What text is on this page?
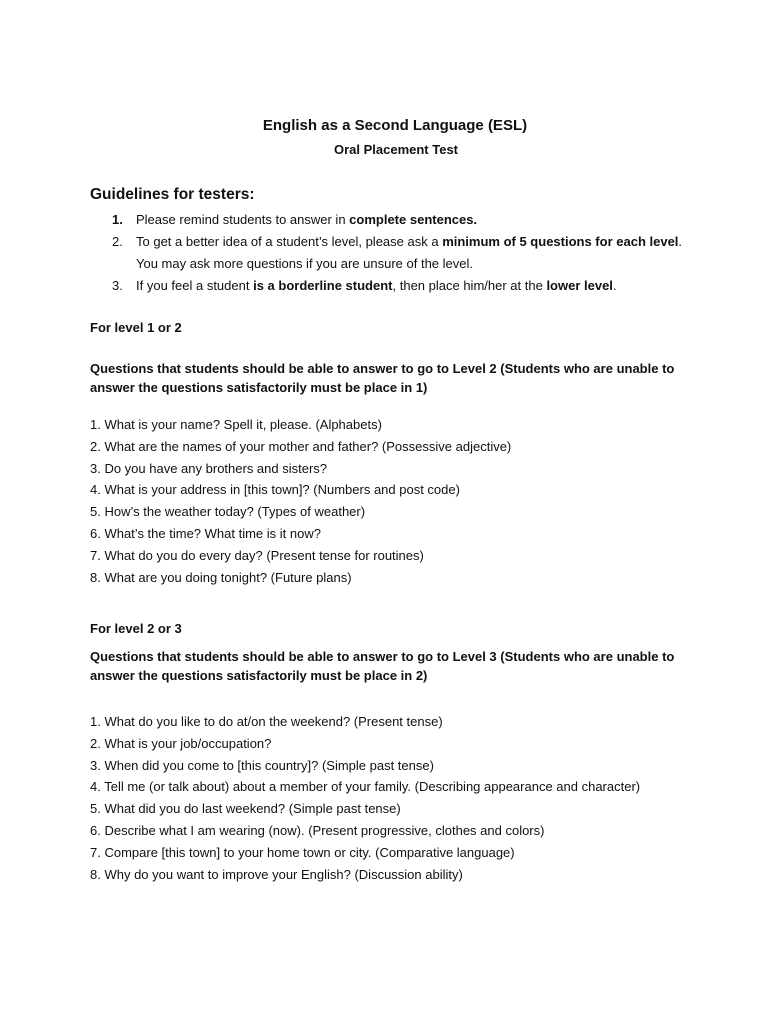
English as a Second Language (ESL)
Oral Placement Test
Guidelines for testers:
1. Please remind students to answer in complete sentences.
2. To get a better idea of a student’s level, please ask a minimum of 5 questions for each level. You may ask more questions if you are unsure of the level.
3. If you feel a student is a borderline student, then place him/her at the lower level.
For level 1 or 2
Questions that students should be able to answer to go to Level 2 (Students who are unable to answer the questions satisfactorily must be place in 1)
1. What is your name? Spell it, please. (Alphabets)
2. What are the names of your mother and father? (Possessive adjective)
3. Do you have any brothers and sisters?
4. What is your address in [this town]? (Numbers and post code)
5. How’s the weather today? (Types of weather)
6. What’s the time? What time is it now?
7. What do you do every day? (Present tense for routines)
8. What are you doing tonight? (Future plans)
For level 2 or 3
Questions that students should be able to answer to go to Level 3 (Students who are unable to answer the questions satisfactorily must be place in 2)
1. What do you like to do at/on the weekend? (Present tense)
2. What is your job/occupation?
3. When did you come to [this country]? (Simple past tense)
4. Tell me (or talk about) about a member of your family. (Describing appearance and character)
5. What did you do last weekend? (Simple past tense)
6. Describe what I am wearing (now). (Present progressive, clothes and colors)
7. Compare [this town] to your home town or city. (Comparative language)
8. Why do you want to improve your English? (Discussion ability)
